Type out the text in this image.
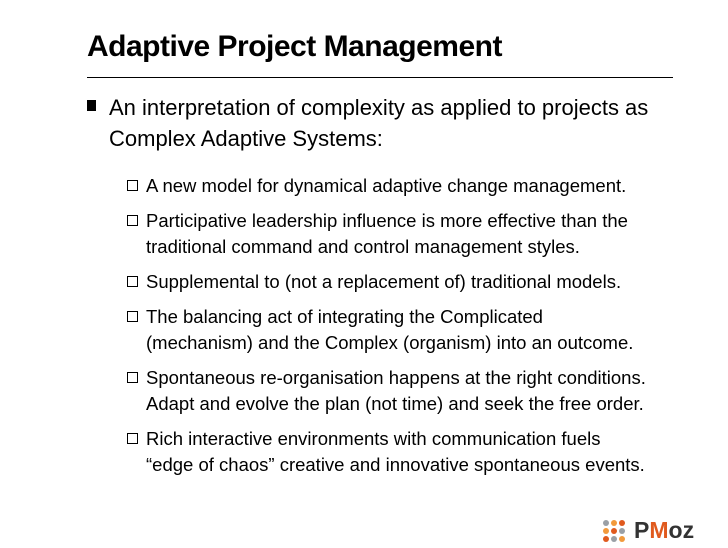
Adaptive Project Management
An interpretation of complexity as applied to projects as
Complex Adaptive Systems:
A new model for dynamical adaptive change management.
Participative leadership influence is more effective than the
traditional command and control management styles.
Supplemental to (not a replacement of) traditional models.
The balancing act of integrating the Complicated
(mechanism) and the Complex (organism) into an outcome.
Spontaneous re-organisation happens at the right conditions.
Adapt and evolve the plan (not time) and seek the free order.
Rich interactive environments with communication fuels
“edge of chaos” creative and innovative spontaneous events.
PMoz
